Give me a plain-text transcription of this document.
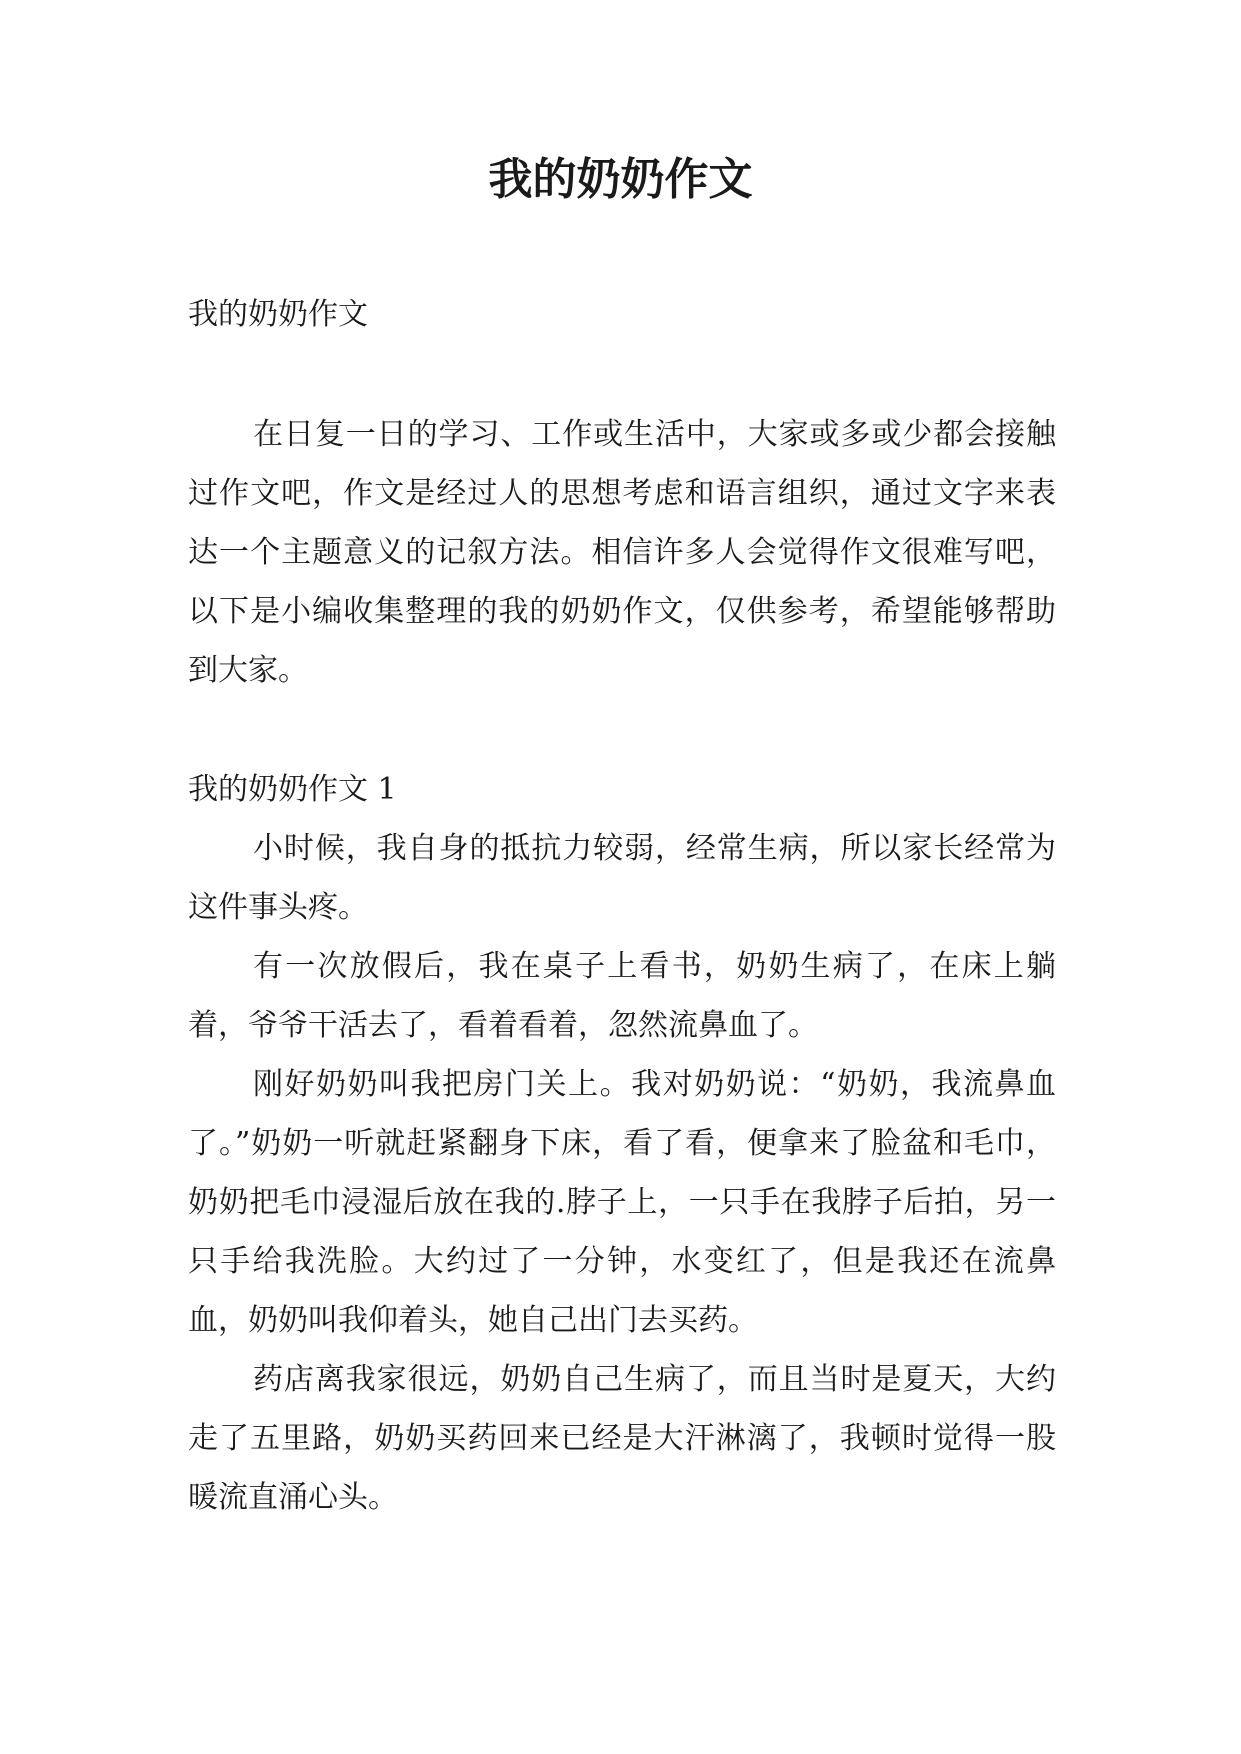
我的奶奶作文

我的奶奶作文

在日复一日的学习、工作或生活中，大家或多或少都会接触过作文吧，作文是经过人的思想考虑和语言组织，通过文字来表达一个主题意义的记叙方法。相信许多人会觉得作文很难写吧，以下是小编收集整理的我的奶奶作文，仅供参考，希望能够帮助到大家。

我的奶奶作文 1

小时候，我自身的抵抗力较弱，经常生病，所以家长经常为这件事头疼。

有一次放假后，我在桌子上看书，奶奶生病了，在床上躺着，爷爷干活去了，看着看着，忽然流鼻血了。

刚好奶奶叫我把房门关上。我对奶奶说：“奶奶，我流鼻血了。”奶奶一听就赶紧翻身下床，看了看，便拿来了脸盆和毛巾，奶奶把毛巾浸湿后放在我的.脖子上，一只手在我脖子后拍，另一只手给我洗脸。大约过了一分钟，水变红了，但是我还在流鼻血，奶奶叫我仰着头，她自己出门去买药。

药店离我家很远，奶奶自己生病了，而且当时是夏天，大约走了五里路，奶奶买药回来已经是大汗淋漓了，我顿时觉得一股暖流直涌心头。
